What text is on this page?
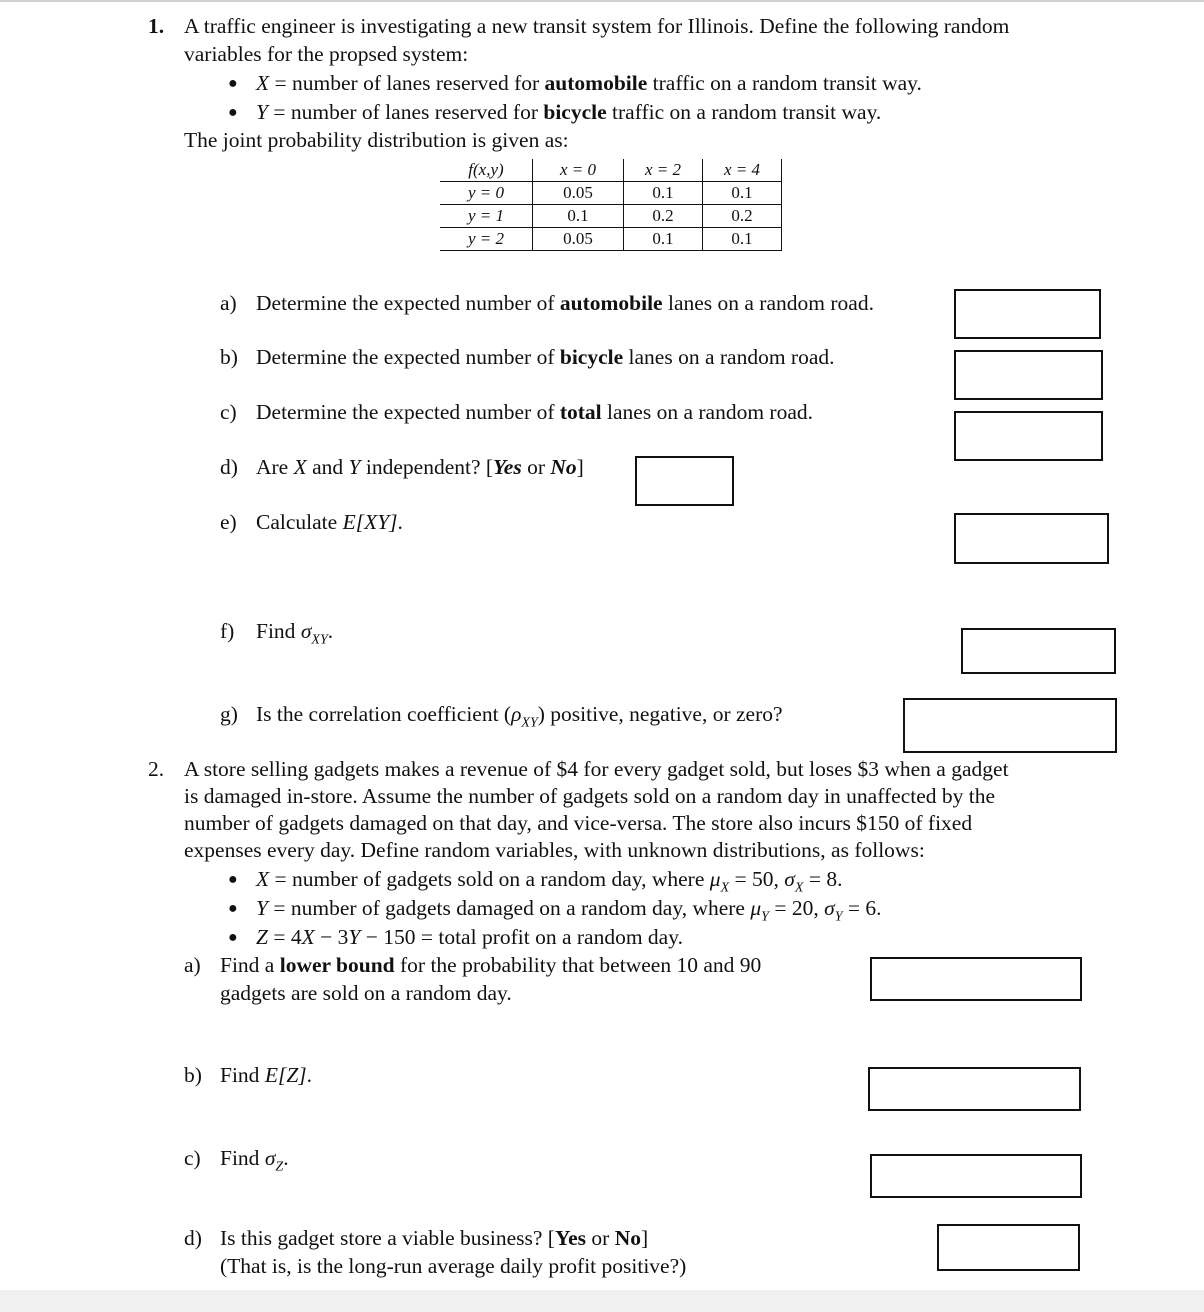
1. A traffic engineer is investigating a new transit system for Illinois. Define the following random
variables for the propsed system:
● X = number of lanes reserved for automobile traffic on a random transit way.
● Y = number of lanes reserved for bicycle traffic on a random transit way.
The joint probability distribution is given as:
f(x,y)	x = 0	x = 2	x = 4
y = 0	0.05	0.1	0.1
y = 1	0.1	0.2	0.2
y = 2	0.05	0.1	0.1
a) Determine the expected number of automobile lanes on a random road.
b) Determine the expected number of bicycle lanes on a random road.
c) Determine the expected number of total lanes on a random road.
d) Are X and Y independent? [Yes or No]
e) Calculate E[XY].
f) Find $\sigma_{XY}$.
g) Is the correlation coefficient $(\rho_{XY})$ positive, negative, or zero?
2. A store selling gadgets makes a revenue of $4 for every gadget sold, but loses $3 when a gadget
is damaged in-store. Assume the number of gadgets sold on a random day in unaffected by the
number of gadgets damaged on that day, and vice-versa. The store also incurs $150 of fixed
expenses every day. Define random variables, with unknown distributions, as follows:
● X = number of gadgets sold on a random day, where $\mu_X = 50$, $\sigma_X = 8$.
● Y = number of gadgets damaged on a random day, where $\mu_Y = 20$, $\sigma_Y = 6$.
● Z = 4X − 3Y − 150 = total profit on a random day.
a) Find a lower bound for the probability that between 10 and 90
gadgets are sold on a random day.
b) Find E[Z].
c) Find $\sigma_Z$.
d) Is this gadget store a viable business? [Yes or No]
(That is, is the long-run average daily profit positive?)
